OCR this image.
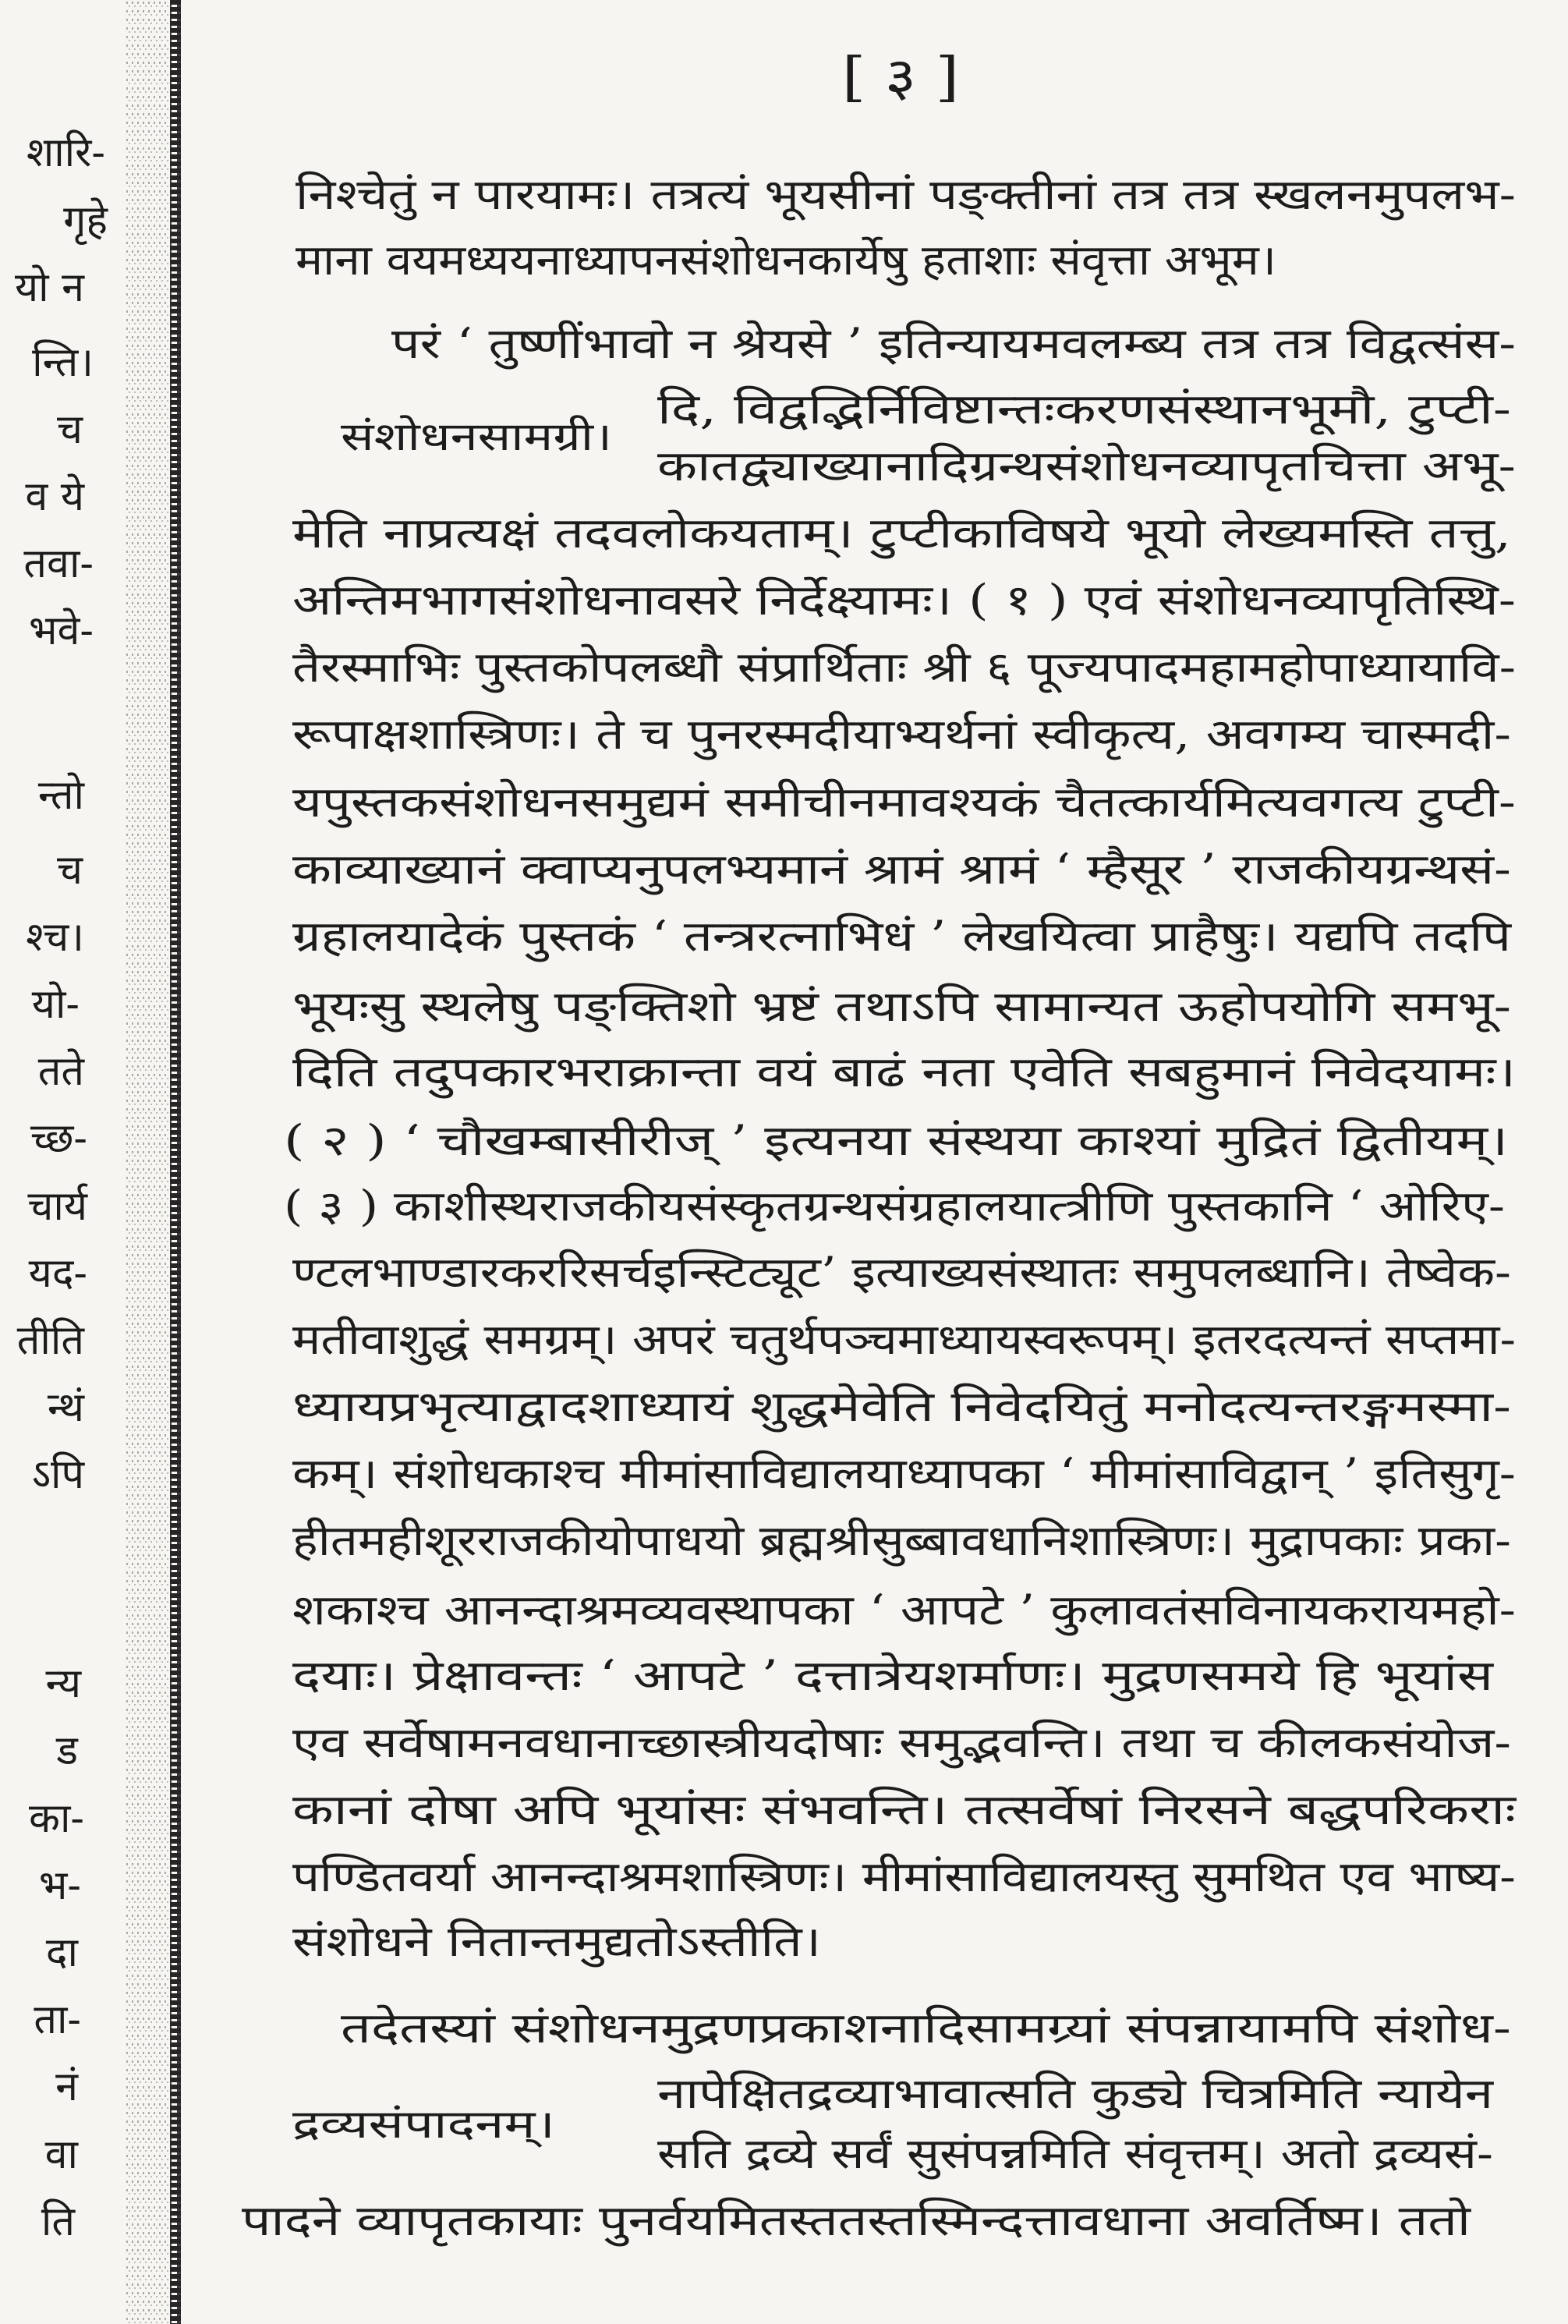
शारि-
गृहे
यो न
न्ति।
च
व ये
तवा-
भवे-
न्तो
च
श्च।
यो-
तते
च्छ-
चार्य
यद-
तीति
न्थं
ऽपि
न्य
ड
का-
भ-
दा
ता-
नं
वा
ति
[ ३ ]
निश्चेतुं न पारयामः। तत्रत्यं भूयसीनां पङ्क्तीनां तत्र तत्र स्खलनमुपलभ-
माना वयमध्ययनाध्यापनसंशोधनकार्येषु हताशाः संवृत्ता अभूम।
संशोधनसामग्री।
परं ‘ तुष्णींभावो न श्रेयसे ’ इतिन्यायमवलम्ब्य तत्र तत्र विद्वत्संस-
दि, विद्वद्भिर्निविष्टान्तःकरणसंस्थानभूमौ, टुप्टी-
कातद्व्याख्यानादिग्रन्थसंशोधनव्यापृतचित्ता अभू-
मेति नाप्रत्यक्षं तदवलोकयताम्। टुप्टीकाविषये भूयो लेख्यमस्ति तत्तु,
अन्तिमभागसंशोधनावसरे निर्देक्ष्यामः। ( १ ) एवं संशोधनव्यापृतिस्थि-
तैरस्माभिः पुस्तकोपलब्धौ संप्रार्थिताः श्री ६ पूज्यपादमहामहोपाध्यायावि-
रूपाक्षशास्त्रिणः। ते च पुनरस्मदीयाभ्यर्थनां स्वीकृत्य, अवगम्य चास्मदी-
यपुस्तकसंशोधनसमुद्यमं समीचीनमावश्यकं चैतत्कार्यमित्यवगत्य टुप्टी-
काव्याख्यानं क्वाप्यनुपलभ्यमानं श्रामं श्रामं ‘ म्हैसूर ’ राजकीयग्रन्थसं-
ग्रहालयादेकं पुस्तकं ‘ तन्त्ररत्नाभिधं ’ लेखयित्वा प्राहैषुः। यद्यपि तदपि
भूयःसु स्थलेषु पङ्क्तिशो भ्रष्टं तथाऽपि सामान्यत ऊहोपयोगि समभू-
दिति तदुपकारभराक्रान्ता वयं बाढं नता एवेति सबहुमानं निवेदयामः।
( २ ) ‘ चौखम्बासीरीज् ’ इत्यनया संस्थया काश्यां मुद्रितं द्वितीयम्।
( ३ ) काशीस्थराजकीयसंस्कृतग्रन्थसंग्रहालयात्त्रीणि पुस्तकानि ‘ ओरिए-
ण्टलभाण्डारकररिसर्चइन्स्टिट्यूट’ इत्याख्यसंस्थातः समुपलब्धानि। तेष्वेक-
मतीवाशुद्धं समग्रम्। अपरं चतुर्थपञ्चमाध्यायस्वरूपम्। इतरदत्यन्तं सप्तमा-
ध्यायप्रभृत्याद्वादशाध्यायं शुद्धमेवेति निवेदयितुं मनोदत्यन्तरङ्गमस्मा-
कम्। संशोधकाश्च मीमांसाविद्यालयाध्यापका ‘ मीमांसाविद्वान् ’ इतिसुगृ-
हीतमहीशूरराजकीयोपाधयो ब्रह्मश्रीसुब्बावधानिशास्त्रिणः। मुद्रापकाः प्रका-
शकाश्च आनन्दाश्रमव्यवस्थापका ‘ आपटे ’ कुलावतंसविनायकरायमहो-
दयाः। प्रेक्षावन्तः ‘ आपटे ’ दत्तात्रेयशर्माणः। मुद्रणसमये हि भूयांस
एव सर्वेषामनवधानाच्छास्त्रीयदोषाः समुद्भवन्ति। तथा च कीलकसंयोज-
कानां दोषा अपि भूयांसः संभवन्ति। तत्सर्वेषां निरसने बद्धपरिकराः
पण्डितवर्या आनन्दाश्रमशास्त्रिणः। मीमांसाविद्यालयस्तु सुमथित एव भाष्य-
संशोधने नितान्तमुद्यतोऽस्तीति।
द्रव्यसंपादनम्।
तदेतस्यां संशोधनमुद्रणप्रकाशनादिसामग्र्यां संपन्नायामपि संशोध-
नापेक्षितद्रव्याभावात्सति कुड्ये चित्रमिति न्यायेन
सति द्रव्ये सर्वं सुसंपन्नमिति संवृत्तम्। अतो द्रव्यसं-
पादने व्यापृतकायाः पुनर्वयमितस्ततस्तस्मिन्दत्तावधाना अवर्तिष्म। ततो
